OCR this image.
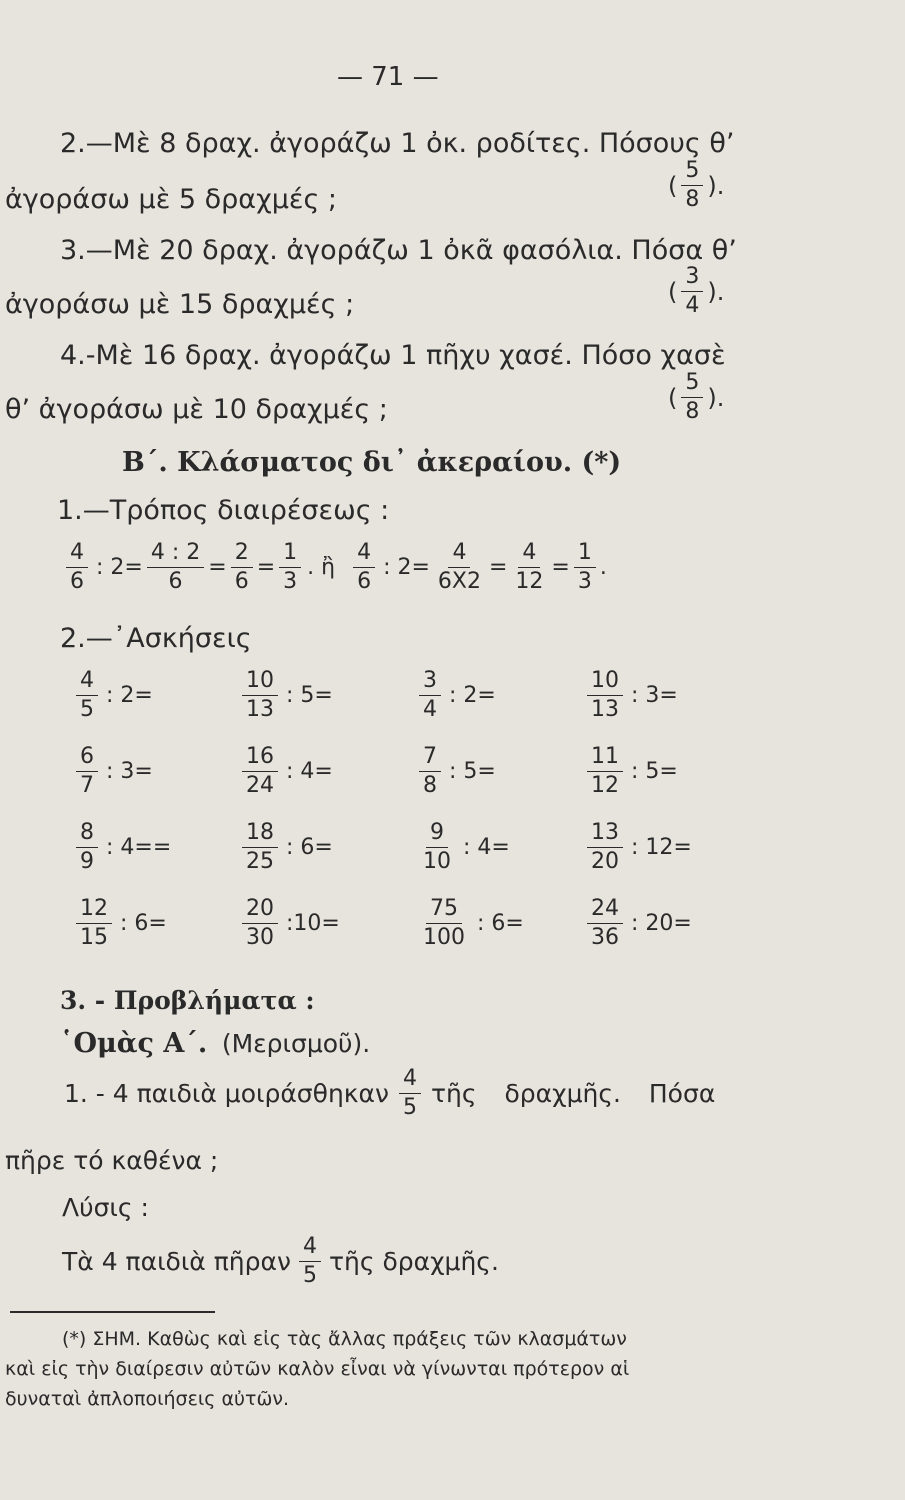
— 71 —
2.—Μὲ 8 δραχ. ἀγοράζω 1 ὀκ. ροδίτες. Πόσους θ’
ἀγοράσω μὲ 5 δραχμές ;	( $\frac{5}{8}$ ).
3.—Μὲ 20 δραχ. ἀγοράζω 1 ὀκᾶ φασόλια. Πόσα θ’
ἀγοράσω μὲ 15 δραχμές ;	( $\frac{3}{4}$ ).
4.-Μὲ 16 δραχ. ἀγοράζω 1 πῆχυ χασέ. Πόσο χασὲ
θ’ ἀγοράσω μὲ 10 δραχμές ;	( $\frac{5}{8}$ ).
Β΄. Κλάσματος δι᾿ ἀκεραίου. (*)
1.—Τρόπος διαιρέσεως :
$\frac{4}{6}$ : $2= \frac{4 : 2}{6} = \frac{2}{6} = \frac{1}{3}$ . ἢ $\frac{4}{6}$ : $2= \frac{4}{6X2} = \frac{4}{12} = \frac{1}{3}$ .
2.—᾿Ασκήσεις
$\frac{4}{5}$ : 2=	$\frac{10}{13}$ : 5=	$\frac{3}{4}$ : 2=	$\frac{10}{13}$ : 3=
$\frac{6}{7}$ : 3=	$\frac{16}{24}$ : 4=	$\frac{7}{8}$ : 5=	$\frac{11}{12}$ : 5=
$\frac{8}{9}$ : 4==	$\frac{18}{25}$ : 6=	$\frac{9}{10}$ : 4=	$\frac{13}{20}$ : 12=
$\frac{12}{15}$ : 6=	$\frac{20}{30}$ :10=	$\frac{75}{100}$ : 6=	$\frac{24}{36}$ : 20=
3. - Προβλήματα :
῾Ομὰς Α΄. (Μερισμοῦ).
1. - 4 παιδιὰ μοιράσθηκαν $\frac{4}{5}$ τῆς δραχμῆς. Πόσα
πῆρε τό καθένα ;
Λύσις :
Τὰ 4 παιδιὰ πῆραν $\frac{4}{5}$ τῆς δραχμῆς.
(*) ΣΗΜ. Καθὼς καὶ εἰς τὰς ἄλλας πράξεις τῶν κλασμάτων
καὶ εἰς τὴν διαίρεσιν αὐτῶν καλὸν εἶναι νὰ γίνωνται πρότερον αἱ
δυναταὶ ἀπλοποιήσεις αὐτῶν.
